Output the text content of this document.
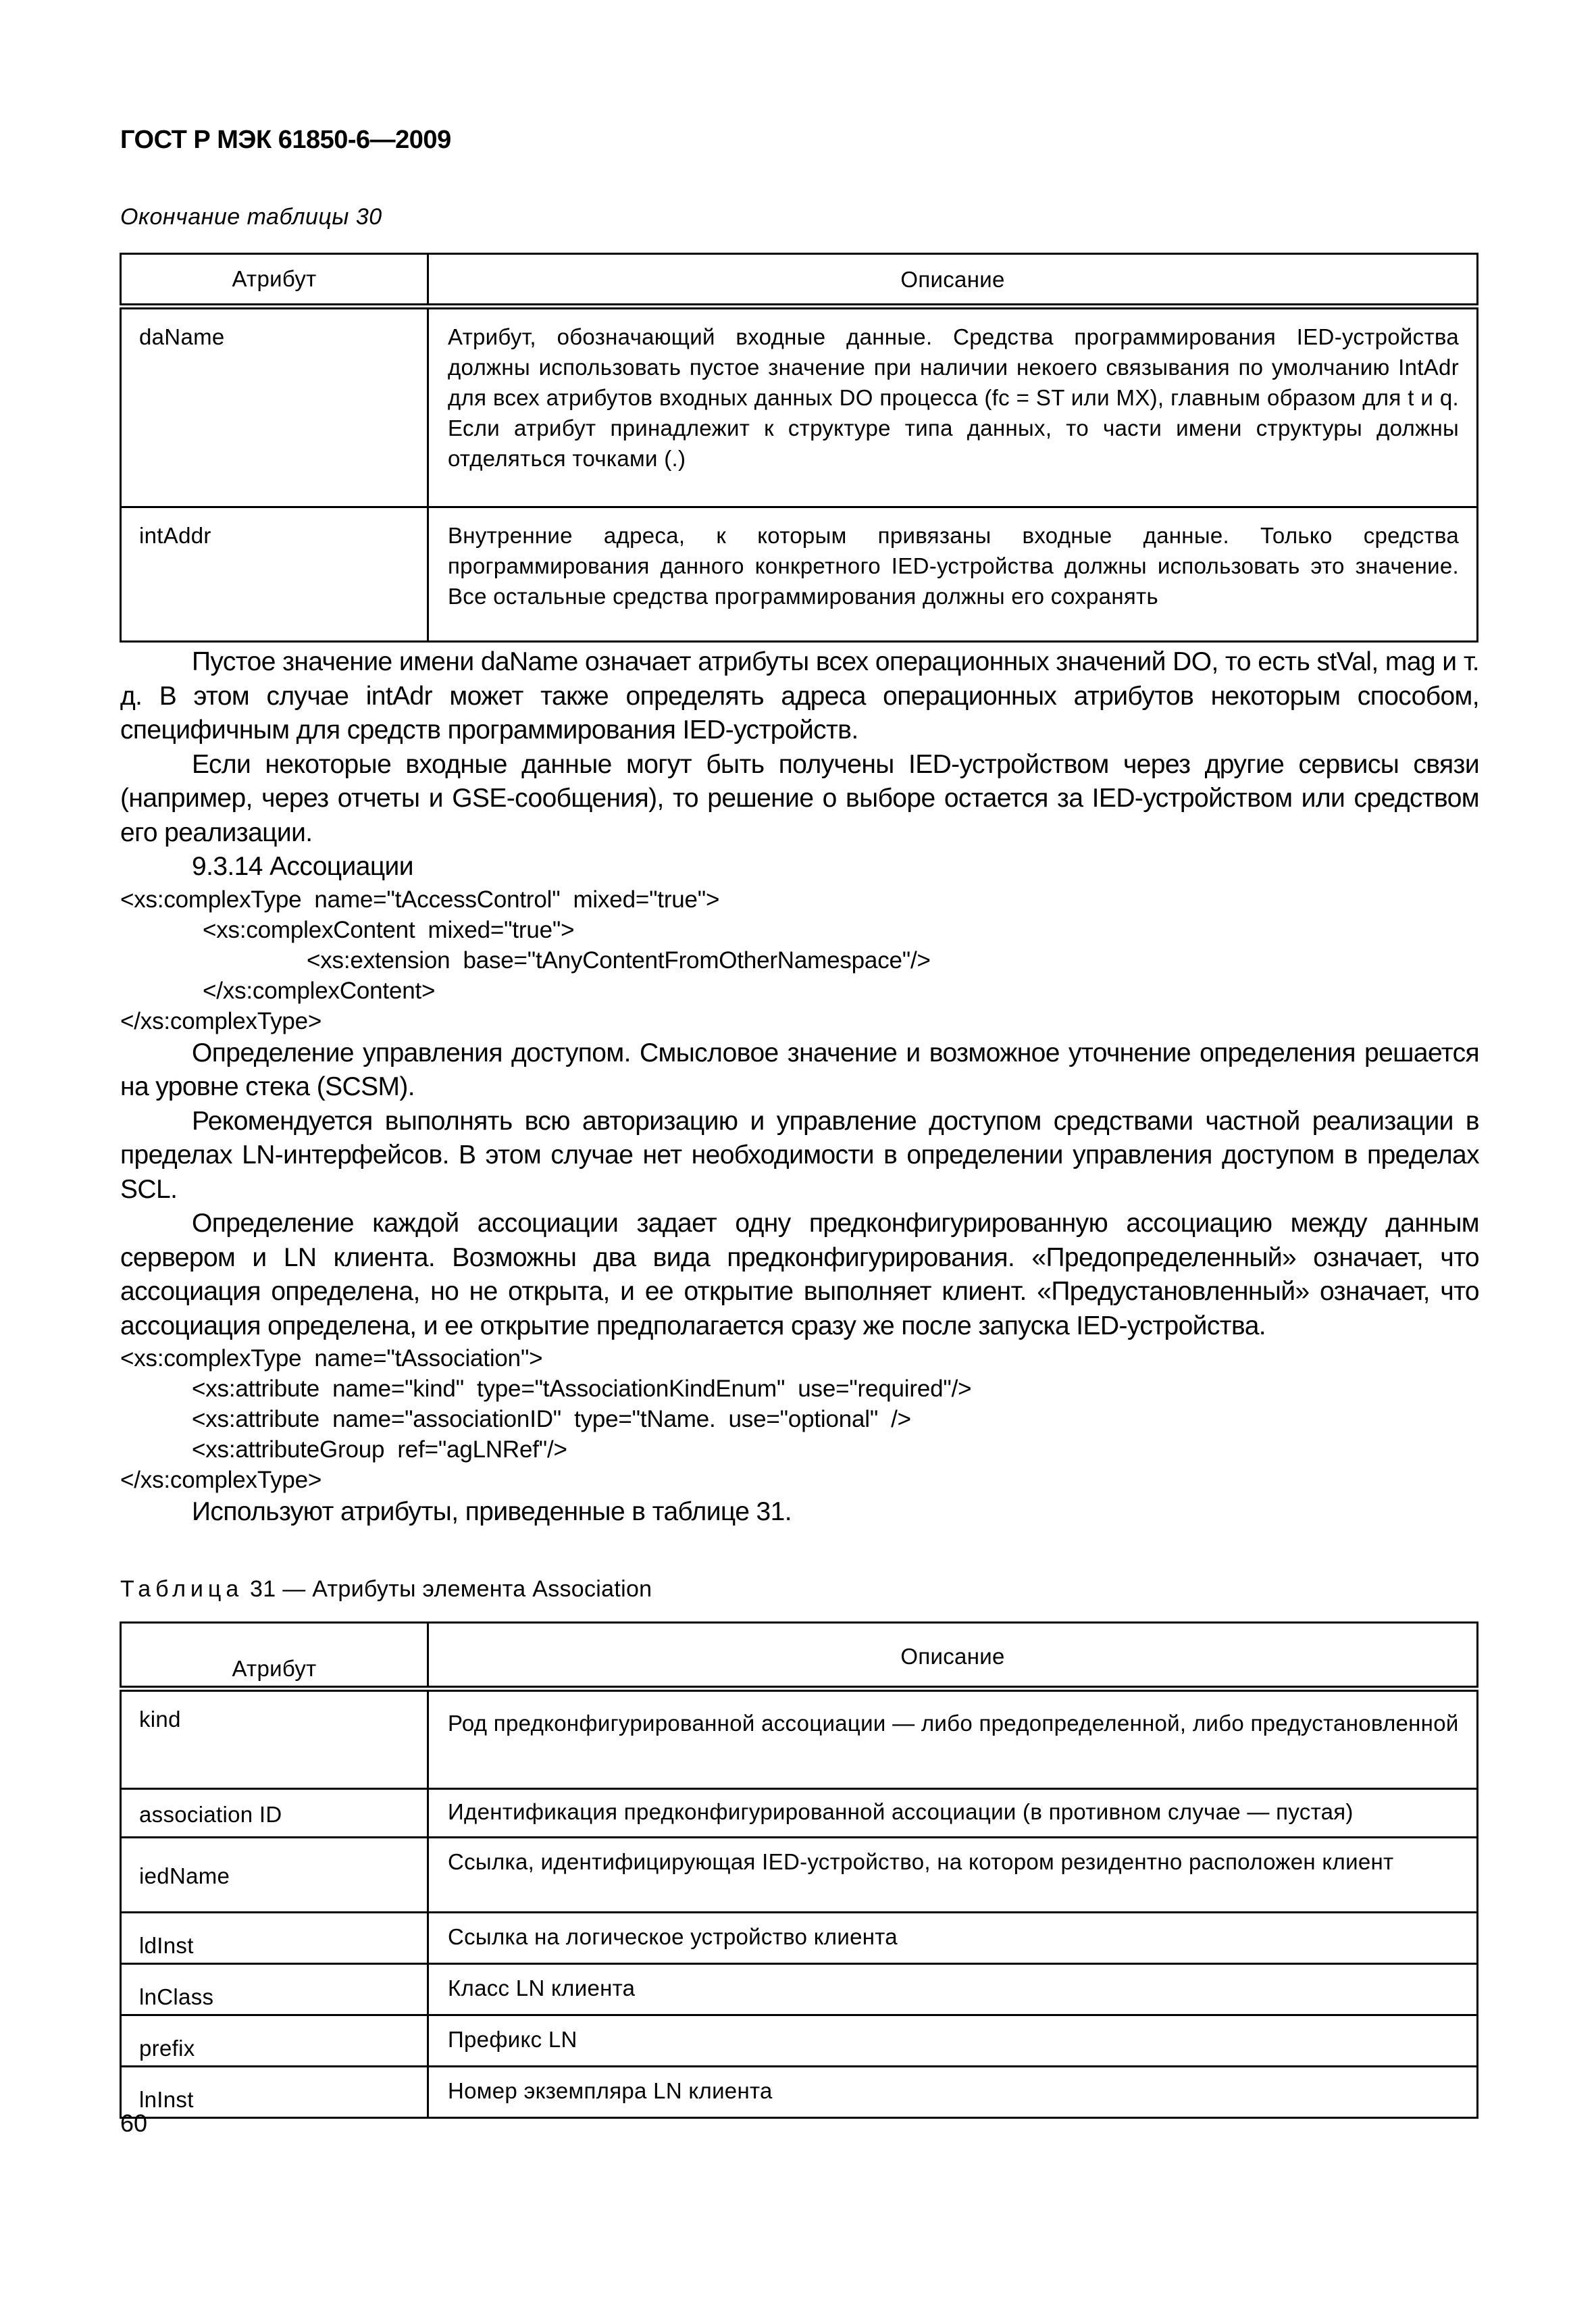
ГОСТ Р МЭК 61850-6—2009
Окончание таблицы 30
Атрибут	Описание
daName	Атрибут, обозначающий входные данные. Средства программирования IED-устройства должны использовать пустое значение при наличии некоего связывания по умолчанию IntAdr для всех атрибутов входных данных DO процесса (fc = ST или MX), главным образом для t и q. Если атрибут принадлежит к структуре типа данных, то части имени структуры должны отделяться точками (.)
intAddr	Внутренние адреса, к которым привязаны входные данные. Только средства программирования данного конкретного IED-устройства должны использовать это значение. Все остальные средства программирования должны его сохранять

Пустое значение имени daName означает атрибуты всех операционных значений DO, то есть stVal, mag и т. д. В этом случае intAdr может также определять адреса операционных атрибутов некоторым способом, специфичным для средств программирования IED-устройств.

Если некоторые входные данные могут быть получены IED-устройством через другие сервисы связи (например, через отчеты и GSE-сообщения), то решение о выборе остается за IED-устройством или средством его реализации.

9.3.14 Ассоциации

<xs:complexType  name="tAccessControl"  mixed="true">
<xs:complexContent  mixed="true">
<xs:extension  base="tAnyContentFromOtherNamespace"/>
</xs:complexContent>
</xs:complexType>

Определение управления доступом. Смысловое значение и возможное уточнение определения решается на уровне стека (SCSM).

Рекомендуется выполнять всю авторизацию и управление доступом средствами частной реализации в пределах LN-интерфейсов. В этом случае нет необходимости в определении управления доступом в пределах SCL.

Определение каждой ассоциации задает одну предконфигурированную ассоциацию между данным сервером и LN клиента. Возможны два вида предконфигурирования. «Предопределенный» означает, что ассоциация определена, но не открыта, и ее открытие выполняет клиент. «Предустановленный» означает, что ассоциация определена, и ее открытие предполагается сразу же после запуска IED-устройства.

<xs:complexType  name="tAssociation">
<xs:attribute  name="kind"  type="tAssociationKindEnum"  use="required"/>
<xs:attribute  name="associationID"  type="tName.  use="optional"  />
<xs:attributeGroup  ref="agLNRef"/>
</xs:complexType>

Используют атрибуты, приведенные в таблице 31.

Таблица 31 — Атрибуты элемента Association
Атрибут	Описание
kind	Род предконфигурированной ассоциации — либо предопределенной, либо предустановленной
association ID	Идентификация предконфигурированной ассоциации (в противном случае — пустая)
iedName	Ссылка, идентифицирующая IED-устройство, на котором резидентно расположен клиент
ldInst	Ссылка на логическое устройство клиента
lnClass	Класс LN клиента
prefix	Префикс LN
lnInst	Номер экземпляра LN клиента
60
